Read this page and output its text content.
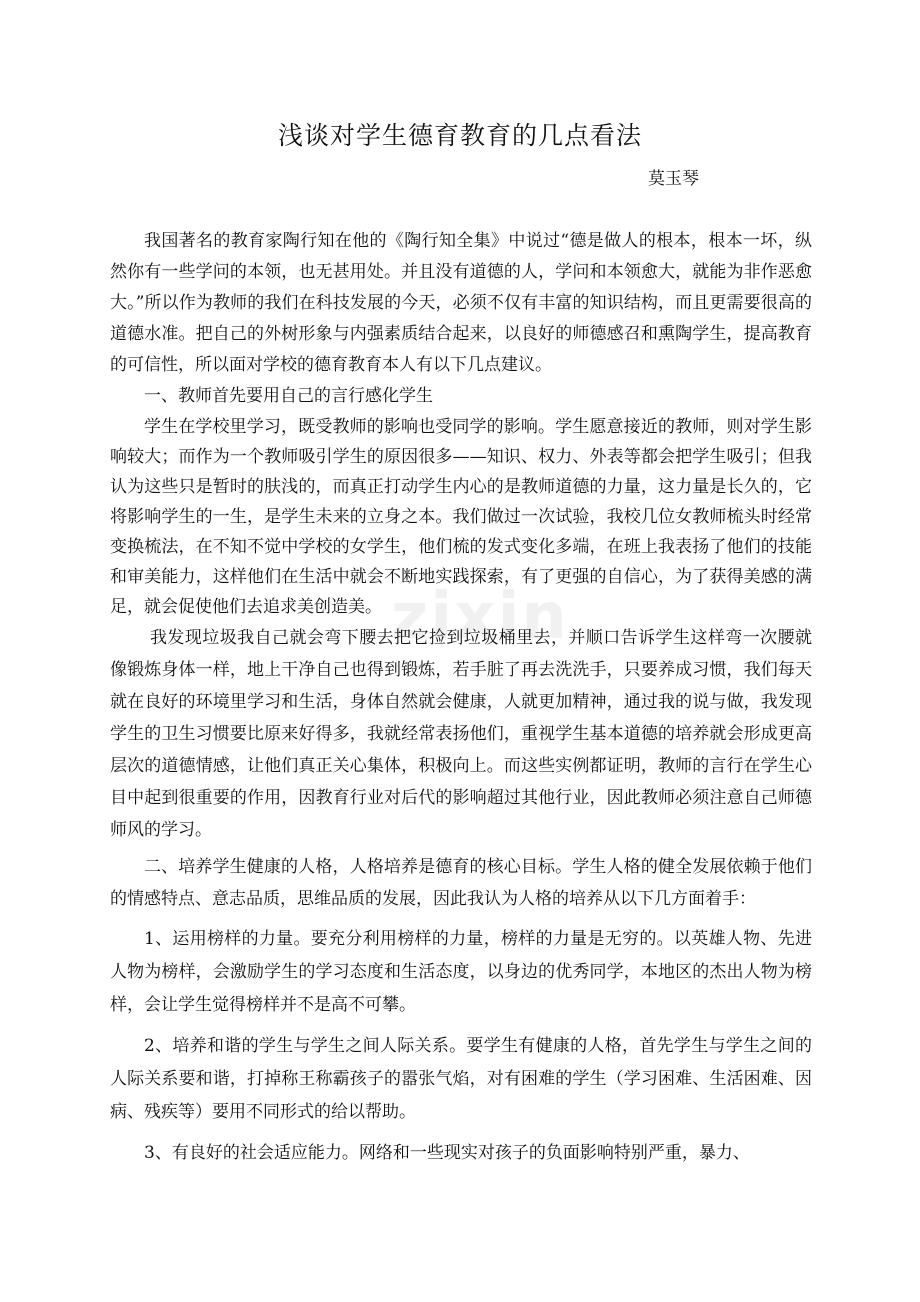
zixin
浅谈对学生德育教育的几点看法
莫玉琴

我国著名的教育家陶行知在他的《陶行知全集》中说过“德是做人的根本，根本一坏，纵然你有一些学问的本领，也无甚用处。并且没有道德的人，学问和本领愈大，就能为非作恶愈大。”所以作为教师的我们在科技发展的今天，必须不仅有丰富的知识结构，而且更需要很高的道德水准。把自己的外树形象与内强素质结合起来，以良好的师德感召和熏陶学生，提高教育的可信性，所以面对学校的德育教育本人有以下几点建议。

一、教师首先要用自己的言行感化学生

学生在学校里学习，既受教师的影响也受同学的影响。学生愿意接近的教师，则对学生影响较大；而作为一个教师吸引学生的原因很多——知识、权力、外表等都会把学生吸引；但我认为这些只是暂时的肤浅的，而真正打动学生内心的是教师道德的力量，这力量是长久的，它将影响学生的一生，是学生未来的立身之本。我们做过一次试验，我校几位女教师梳头时经常变换梳法，在不知不觉中学校的女学生，他们梳的发式变化多端，在班上我表扬了他们的技能和审美能力，这样他们在生活中就会不断地实践探索，有了更强的自信心，为了获得美感的满足，就会促使他们去追求美创造美。

我发现垃圾我自己就会弯下腰去把它捡到垃圾桶里去，并顺口告诉学生这样弯一次腰就像锻炼身体一样，地上干净自己也得到锻炼，若手脏了再去洗洗手，只要养成习惯，我们每天就在良好的环境里学习和生活，身体自然就会健康，人就更加精神，通过我的说与做，我发现学生的卫生习惯要比原来好得多，我就经常表扬他们，重视学生基本道德的培养就会形成更高层次的道德情感，让他们真正关心集体，积极向上。而这些实例都证明，教师的言行在学生心目中起到很重要的作用，因教育行业对后代的影响超过其他行业，因此教师必须注意自己师德师风的学习。

二、培养学生健康的人格，人格培养是德育的核心目标。学生人格的健全发展依赖于他们的情感特点、意志品质，思维品质的发展，因此我认为人格的培养从以下几方面着手：

1、运用榜样的力量。要充分利用榜样的力量，榜样的力量是无穷的。以英雄人物、先进人物为榜样，会激励学生的学习态度和生活态度，以身边的优秀同学，本地区的杰出人物为榜样，会让学生觉得榜样并不是高不可攀。

2、培养和谐的学生与学生之间人际关系。要学生有健康的人格，首先学生与学生之间的人际关系要和谐，打掉称王称霸孩子的嚣张气焰，对有困难的学生（学习困难、生活困难、因病、残疾等）要用不同形式的给以帮助。

3、有良好的社会适应能力。网络和一些现实对孩子的负面影响特别严重，暴力、
